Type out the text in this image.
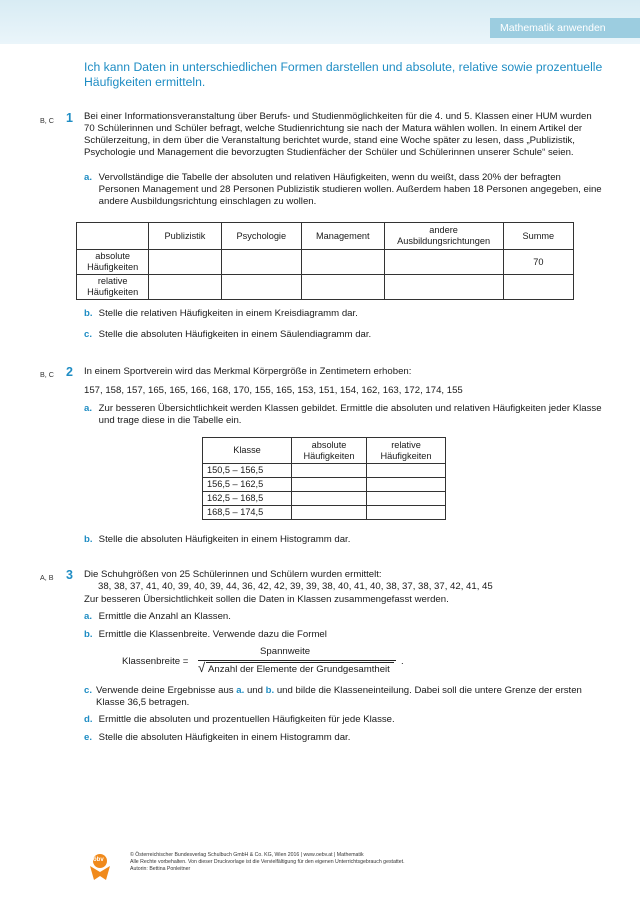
Mathematik anwenden
Ich kann Daten in unterschiedlichen Formen darstellen und absolute, relative sowie prozentuelle Häufigkeiten ermitteln.
B, C 1 Bei einer Informationsveranstaltung über Berufs- und Studienmöglichkeiten für die 4. und 5. Klassen einer HUM wurden 70 Schülerinnen und Schüler befragt, welche Studienrichtung sie nach der Matura wählen wollen. In einem Artikel der Schülerzeitung, in dem über die Veranstaltung berichtet wurde, stand eine Woche später zu lesen, dass „Publizistik, Psychologie und Management die bevorzugten Studienfächer der Schüler und Schülerinnen unserer Schule“ seien.
a. Vervollständige die Tabelle der absoluten und relativen Häufigkeiten, wenn du weißt, dass 20% der befragten Personen Management und 28 Personen Publizistik studieren wollen. Außerdem haben 18 Personen angegeben, eine andere Ausbildungsrichtung einschlagen zu wollen.
	Publizistik	Psychologie	Management	andere Ausbildungsrichtungen	Summe
absolute Häufigkeiten					70
relative Häufigkeiten					
b. Stelle die relativen Häufigkeiten in einem Kreisdiagramm dar.
c. Stelle die absoluten Häufigkeiten in einem Säulendiagramm dar.
B, C 2 In einem Sportverein wird das Merkmal Körpergröße in Zentimetern erhoben:
157, 158, 157, 165, 165, 166, 168, 170, 155, 165, 153, 151, 154, 162, 163, 172, 174, 155
a. Zur besseren Übersichtlichkeit werden Klassen gebildet. Ermittle die absoluten und relativen Häufigkeiten jeder Klasse und trage diese in die Tabelle ein.
Klasse	absolute Häufigkeiten	relative Häufigkeiten
150,5 – 156,5		
156,5 – 162,5		
162,5 – 168,5		
168,5 – 174,5		
b. Stelle die absoluten Häufigkeiten in einem Histogramm dar.
A, B 3 Die Schuhgrößen von 25 Schülerinnen und Schülern wurden ermittelt:
38, 38, 37, 41, 40, 39, 40, 39, 44, 36, 42, 42, 39, 39, 38, 40, 41, 40, 38, 37, 38, 37, 42, 41, 45
Zur besseren Übersichtlichkeit sollen die Daten in Klassen zusammengefasst werden.
a. Ermittle die Anzahl an Klassen.
b. Ermittle die Klassenbreite. Verwende dazu die Formel
Klassenbreite =
Spannweite
√ Anzahl der Elemente der Grundgesamtheit
.
c. Verwende deine Ergebnisse aus a. und b. und bilde die Klasseneinteilung. Dabei soll die untere Grenze der ersten Klasse 36,5 betragen.
d. Ermittle die absoluten und prozentuellen Häufigkeiten für jede Klasse.
e. Stelle die absoluten Häufigkeiten in einem Histogramm dar.
öbv
© Österreichischer Bundesverlag Schulbuch GmbH & Co. KG, Wien 2016 | www.oebv.at | Mathematik
Alle Rechte vorbehalten. Von dieser Druckvorlage ist die Vervielfältigung für den eigenen Unterrichtsgebrauch gestattet.
Autorin: Bettina Ponleitner
